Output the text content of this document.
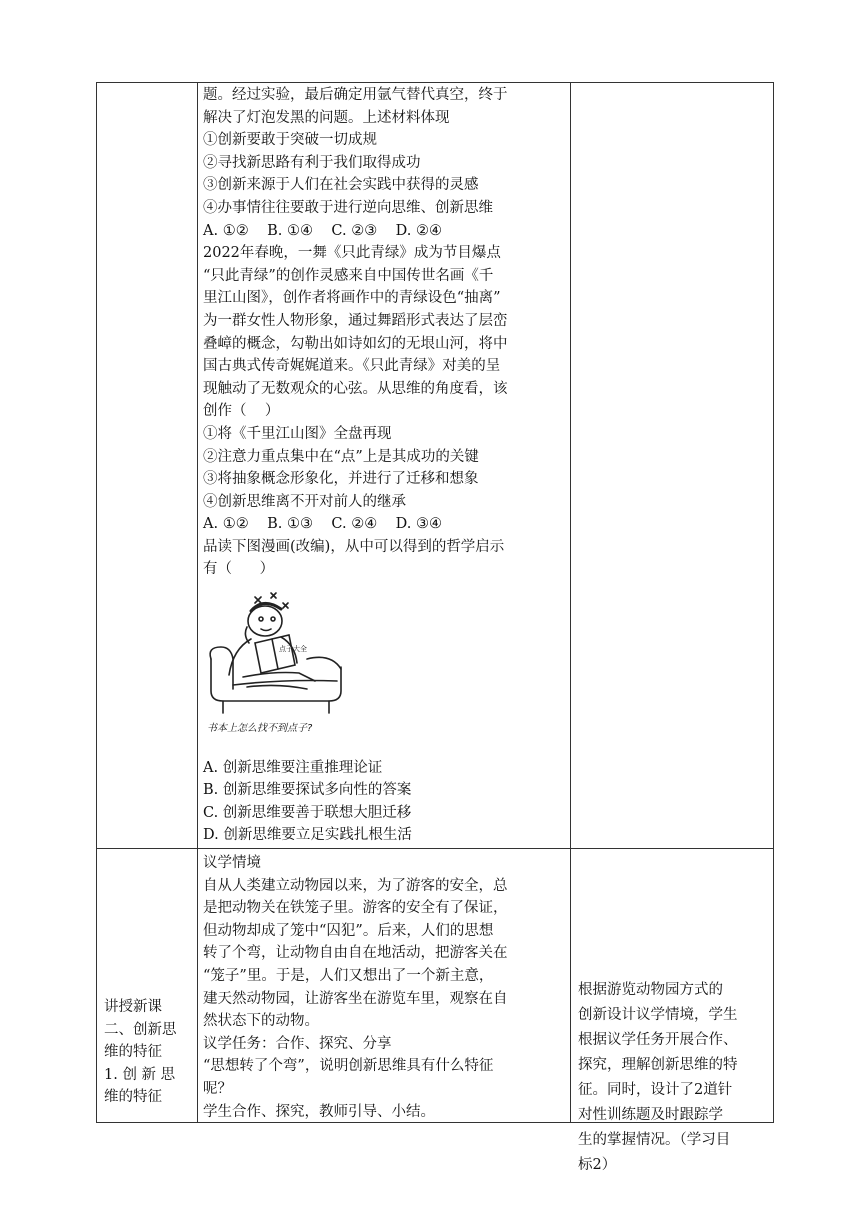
题。经过实验，最后确定用氩气替代真空，终于
解决了灯泡发黑的问题。上述材料体现
①创新要敢于突破一切成规
②寻找新思路有利于我们取得成功
③创新来源于人们在社会实践中获得的灵感
④办事情往往要敢于进行逆向思维、创新思维
A. ①②    B. ①④    C. ②③    D. ②④
2022年春晚，一舞《只此青绿》成为节目爆点
“只此青绿”的创作灵感来自中国传世名画《千
里江山图》，创作者将画作中的青绿设色“抽离”
为一群女性人物形象，通过舞蹈形式表达了层峦
叠嶂的概念，勾勒出如诗如幻的无垠山河，将中
国古典式传奇娓娓道来。《只此青绿》对美的呈
现触动了无数观众的心弦。从思维的角度看，该
创作（    ）
①将《千里江山图》全盘再现
②注意力重点集中在“点”上是其成功的关键
③将抽象概念形象化，并进行了迁移和想象
④创新思维离不开对前人的继承
A. ①②    B. ①③    C. ②④    D. ③④
品读下图漫画(改编)，从中可以得到的哲学启示
有（      ）
点子大全
书本上怎么找不到点子?
A. 创新思维要注重推理论证
B. 创新思维要探试多向性的答案
C. 创新思维要善于联想大胆迁移
D. 创新思维要立足实践扎根生活
讲授新课
二、创新思
维的特征
1. 创 新 思
维的特征
议学情境
自从人类建立动物园以来，为了游客的安全，总
是把动物关在铁笼子里。游客的安全有了保证，
但动物却成了笼中“囚犯”。后来，人们的思想
转了个弯，让动物自由自在地活动，把游客关在
“笼子”里。于是，人们又想出了一个新主意，
建天然动物园，让游客坐在游览车里，观察在自
然状态下的动物。
议学任务：合作、探究、分享
“思想转了个弯”，说明创新思维具有什么特征
呢？
学生合作、探究，教师引导、小结。
根据游览动物园方式的
创新设计议学情境，学生
根据议学任务开展合作、
探究，理解创新思维的特
征。同时，设计了2道针
对性训练题及时跟踪学
生的掌握情况。（学习目
标2）
